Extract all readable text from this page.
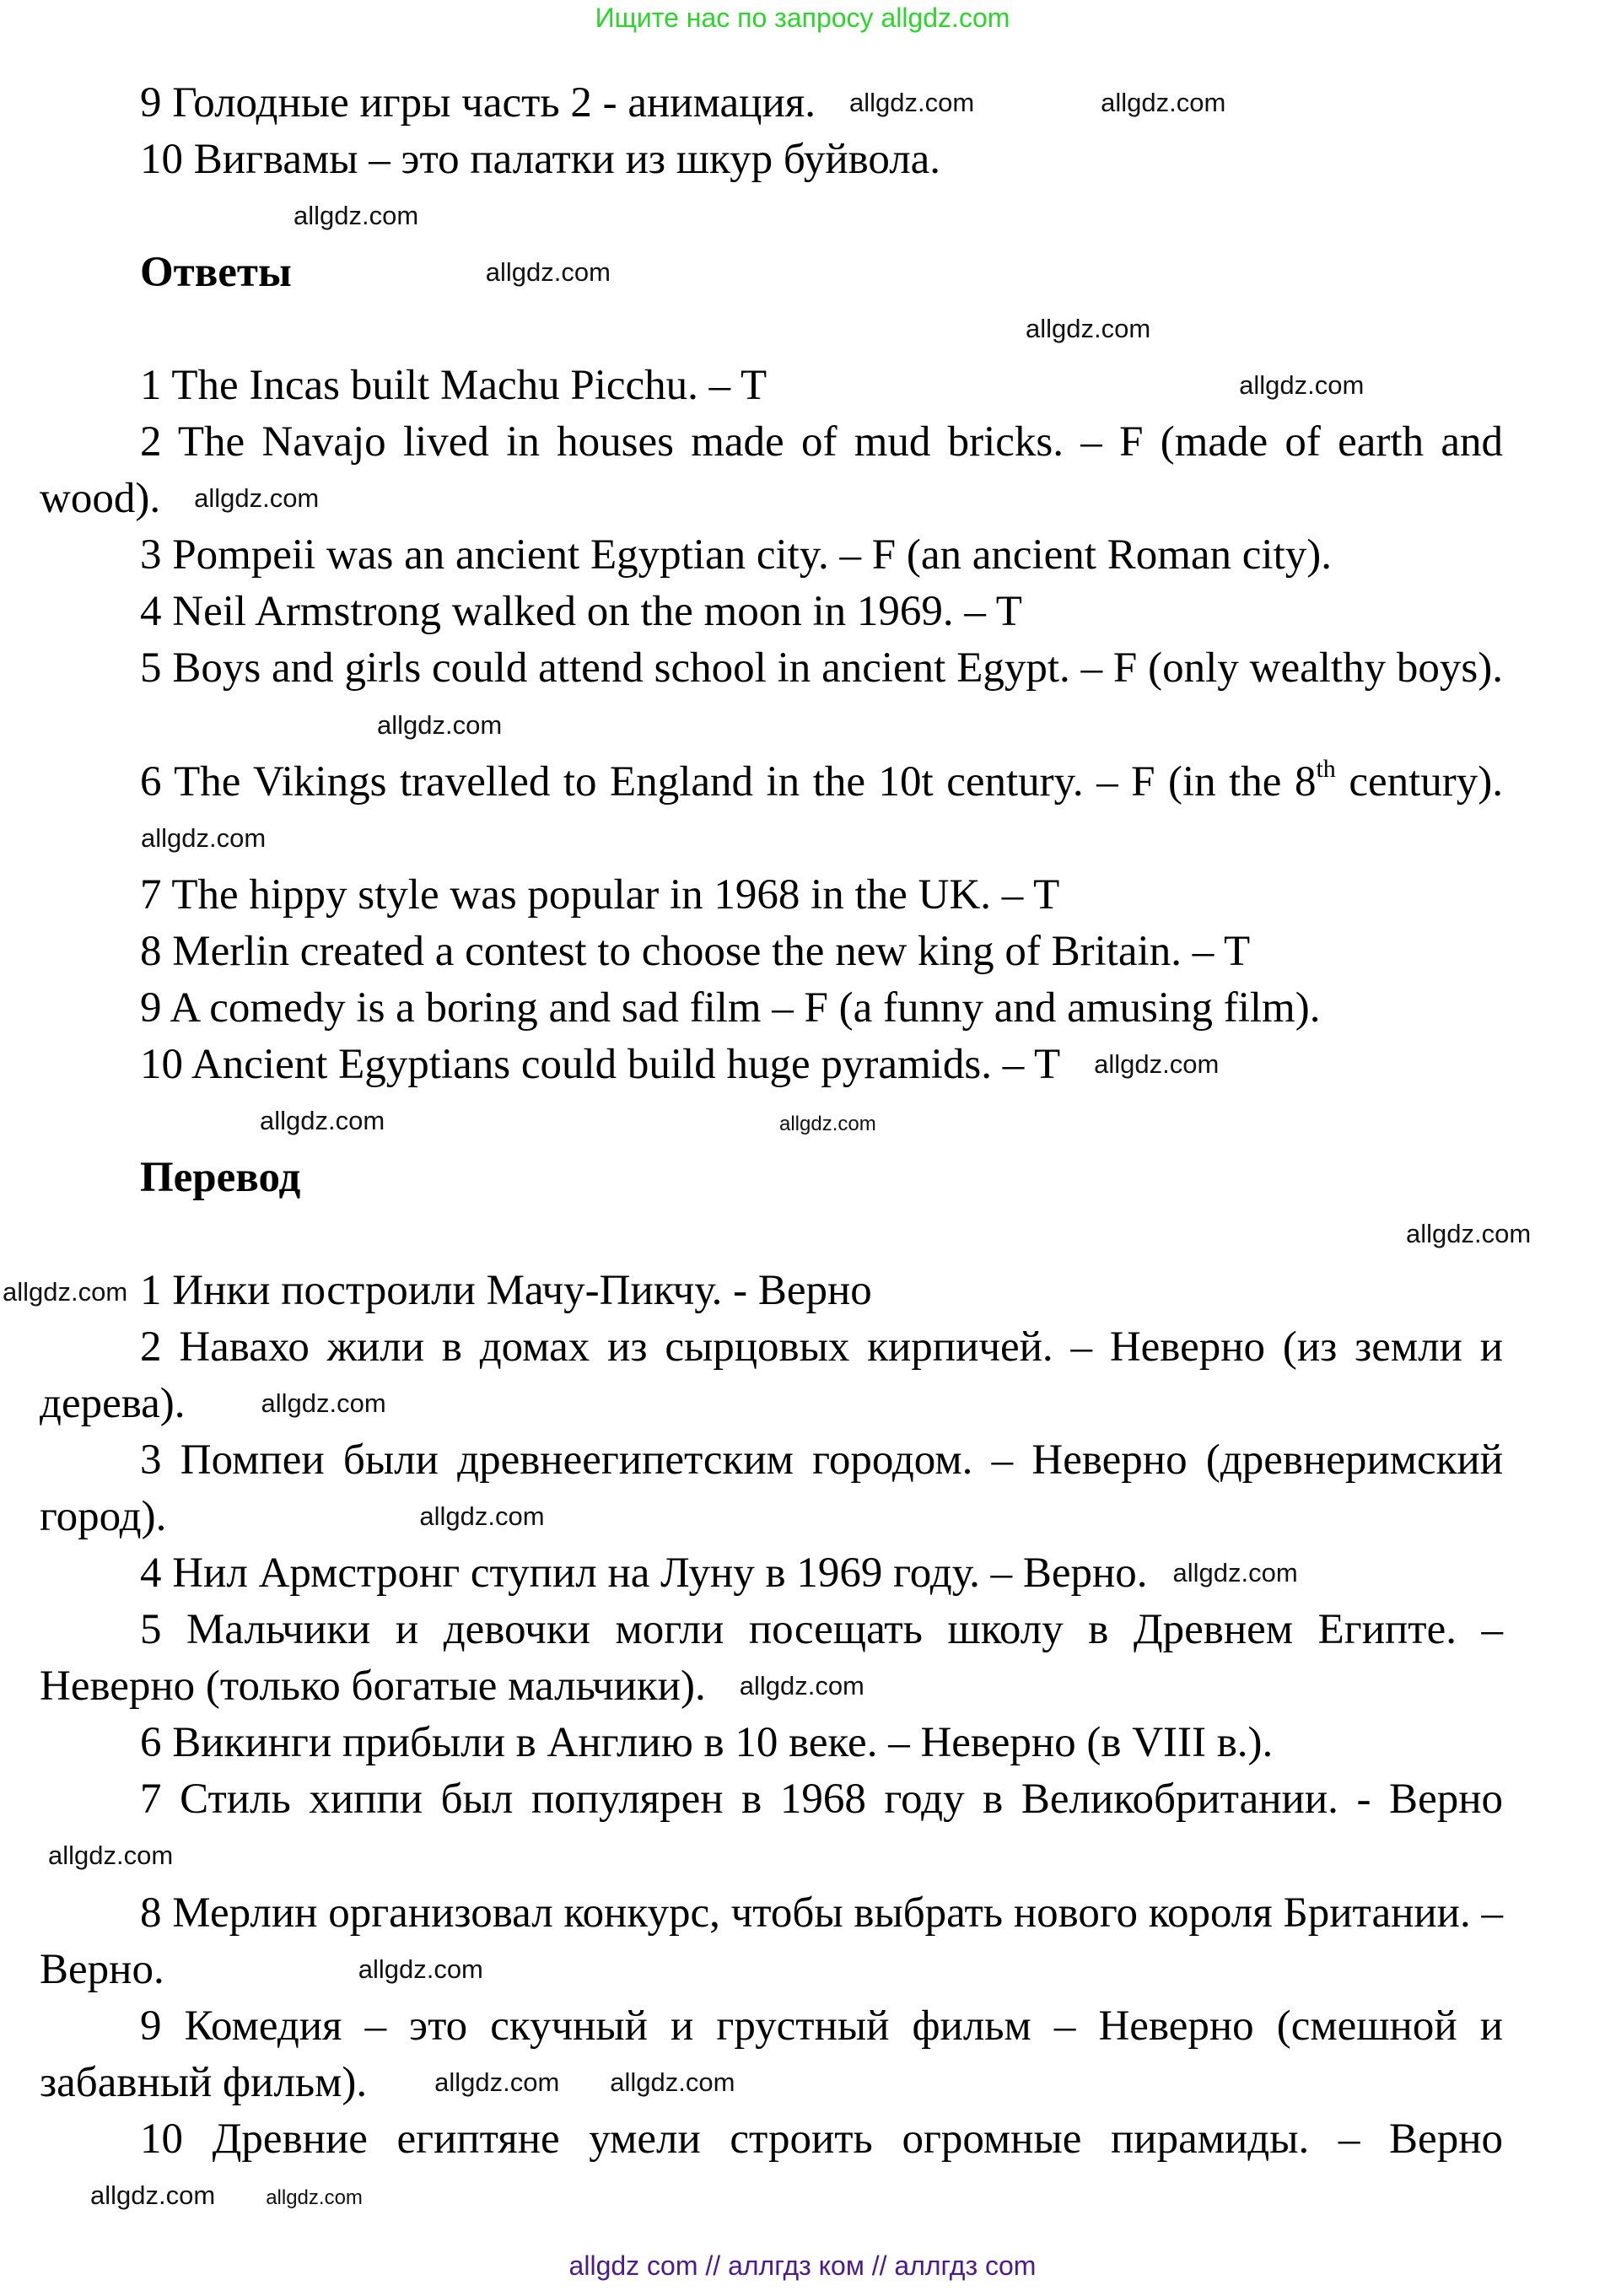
Ищите нас по запросу allgdz.com

9 Голодные игры часть 2 - анимация. allgdz.com	allgdz.com

10 Вигвамы – это палатки из шкур буйвола.

allgdz.com

Ответы	allgdz.com

allgdz.com

1 The Incas built Machu Picchu. – T	allgdz.com

2 The Navajo lived in houses made of mud bricks. – F (made of earth and wood). allgdz.com

3 Pompeii was an ancient Egyptian city. – F (an ancient Roman city).

4 Neil Armstrong walked on the moon in 1969. – T

5 Boys and girls could attend school in ancient Egypt. – F (only wealthy boys).allgdz.com

6 The Vikings travelled to England in the 10t century. – F (in the 8th century).allgdz.com

7 The hippy style was popular in 1968 in the UK. – T

8 Merlin created a contest to choose the new king of Britain. – T

9 A comedy is a boring and sad film – F (a funny and amusing film).

10 Ancient Egyptians could build huge pyramids. – T allgdz.com

allgdz.com	allgdz.com

Перевод

allgdz.com

allgdz.com 1 Инки построили Мачу-Пикчу. - Верно

2 Навахо жили в домах из сырцовых кирпичей. – Неверно (из земли и дерева).	allgdz.com

3 Помпеи были древнеегипетским городом. – Неверно (древнеримский город).	allgdz.com

4 Нил Армстронг ступил на Луну в 1969 году. – Верно. allgdz.com

5 Мальчики и девочки могли посещать школу в Древнем Египте. – Неверно (только богатые мальчики). allgdz.com

6 Викинги прибыли в Англию в 10 веке. – Неверно (в VIII в.).

7 Стиль хиппи был популярен в 1968 году в Великобритании. - Верноallgdz.com

8 Мерлин организовал конкурс, чтобы выбрать нового короля Британии. – Верно.	allgdz.com

9 Комедия – это скучный и грустный фильм – Неверно (смешной и забавный фильм).	allgdz.com allgdz.com

10 Древние египтяне умели строить огромные пирамиды. – Верноallgdz.com	allgdz.com

allgdz com // аллгдз ком // аллгдз com
